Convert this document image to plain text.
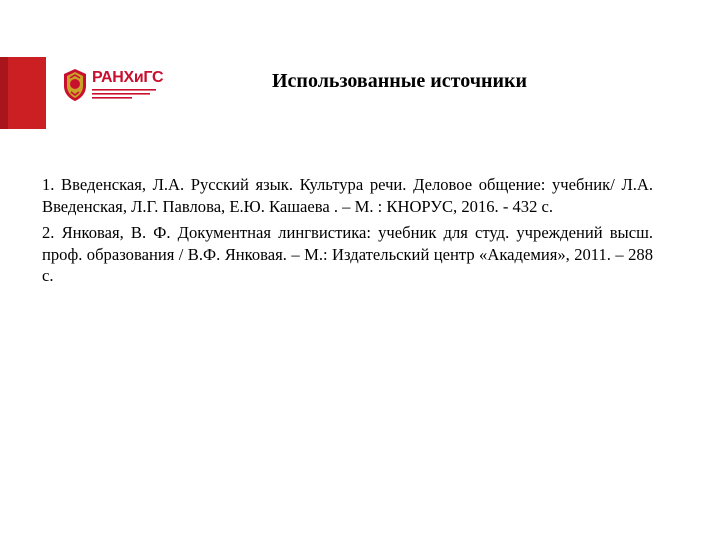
РАНХиГС	Использованные источники

1. Введенская, Л.А. Русский язык. Культура речи. Деловое общение: учебник/ Л.А. Введенская, Л.Г. Павлова, Е.Ю. Кашаева . – М. : КНОРУС, 2016. - 432 с.

2. Янковая, В. Ф. Документная лингвистика: учебник для студ. учреждений высш. проф. образования / В.Ф. Янковая. – М.: Издательский центр «Академия», 2011. – 288 с.
